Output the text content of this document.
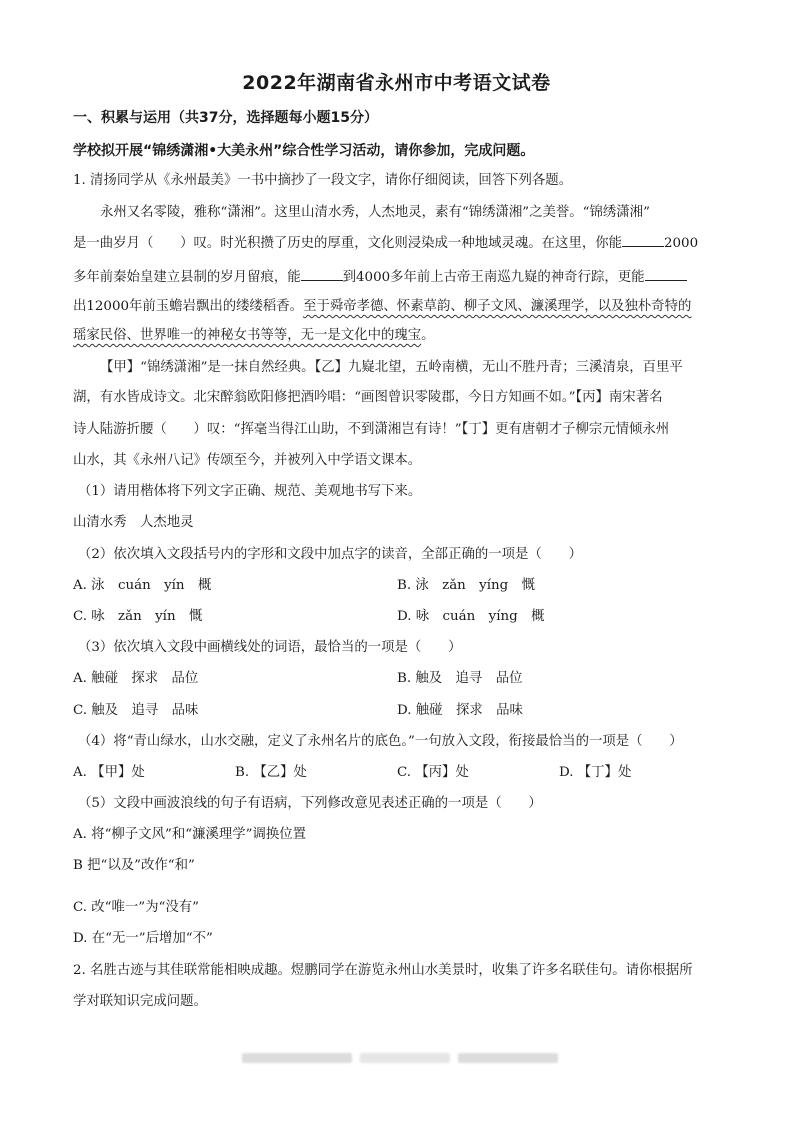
2022年湖南省永州市中考语文试卷
一、积累与运用（共37分，选择题每小题15分）
学校拟开展“锦绣潇湘•大美永州”综合性学习活动，请你参加，完成问题。
1. 清扬同学从《永州最美》一书中摘抄了一段文字，请你仔细阅读，回答下列各题。
永州又名零陵，雅称“潇湘”。这里山清水秀，人杰地灵，素有“锦绣潇湘”之美誉。“锦绣潇湘”
是一曲岁月（　　）叹。时光积攒了历史的厚重，文化则浸染成一种地域灵魂。在这里，你能	2000
多年前秦始皇建立县制的岁月留痕，能	到4000多年前上古帝王南巡九嶷的神奇行踪，更能
出12000年前玉蟾岩飘出的缕缕稻香。至于舜帝孝德、怀素草韵、柳子文风、濂溪理学，以及独朴奇特的
瑶家民俗、世界唯一的神秘女书等等，无一是文化中的瑰宝。
【甲】“锦绣潇湘”是一抹自然经典。【乙】九嶷北望，五岭南横，无山不胜丹青；三溪清泉，百里平
湖，有水皆成诗文。北宋醉翁欧阳修把酒吟唱：“画图曾识零陵郡，今日方知画不如。”【丙】南宋著名
诗人陆游折腰（　　）叹：“挥毫当得江山助，不到潇湘岂有诗！”【丁】更有唐朝才子柳宗元情倾永州
山水，其《永州八记》传颂至今，并被列入中学语文课本。
（1）请用楷体将下列文字正确、规范、美观地书写下来。
山清水秀　人杰地灵
（2）依次填入文段括号内的字形和文段中加点字的读音，全部正确的一项是（　　）
A. 泳　cuán　yín　概	B. 泳　zǎn　yíng　慨
C. 咏　zǎn　yín　慨	D. 咏　cuán　yíng　概
（3）依次填入文段中画横线处的词语，最恰当的一项是（　　）
A. 触碰　探求　品位	B. 触及　追寻　品位
C. 触及　追寻　品味	D. 触碰　探求　品味
（4）将“青山绿水，山水交融，定义了永州名片的底色。”一句放入文段，衔接最恰当的一项是（　　）
A. 【甲】处	B. 【乙】处	C. 【丙】处	D. 【丁】处
（5）文段中画波浪线的句子有语病，下列修改意见表述正确的一项是（　　）
A. 将“柳子文风”和“濂溪理学”调换位置
B 把“以及”改作“和”
C. 改“唯一”为“没有”
D. 在“无一”后增加“不”
2. 名胜古迹与其佳联常能相映成趣。煜鹏同学在游览永州山水美景时，收集了许多名联佳句。请你根据所
学对联知识完成问题。
